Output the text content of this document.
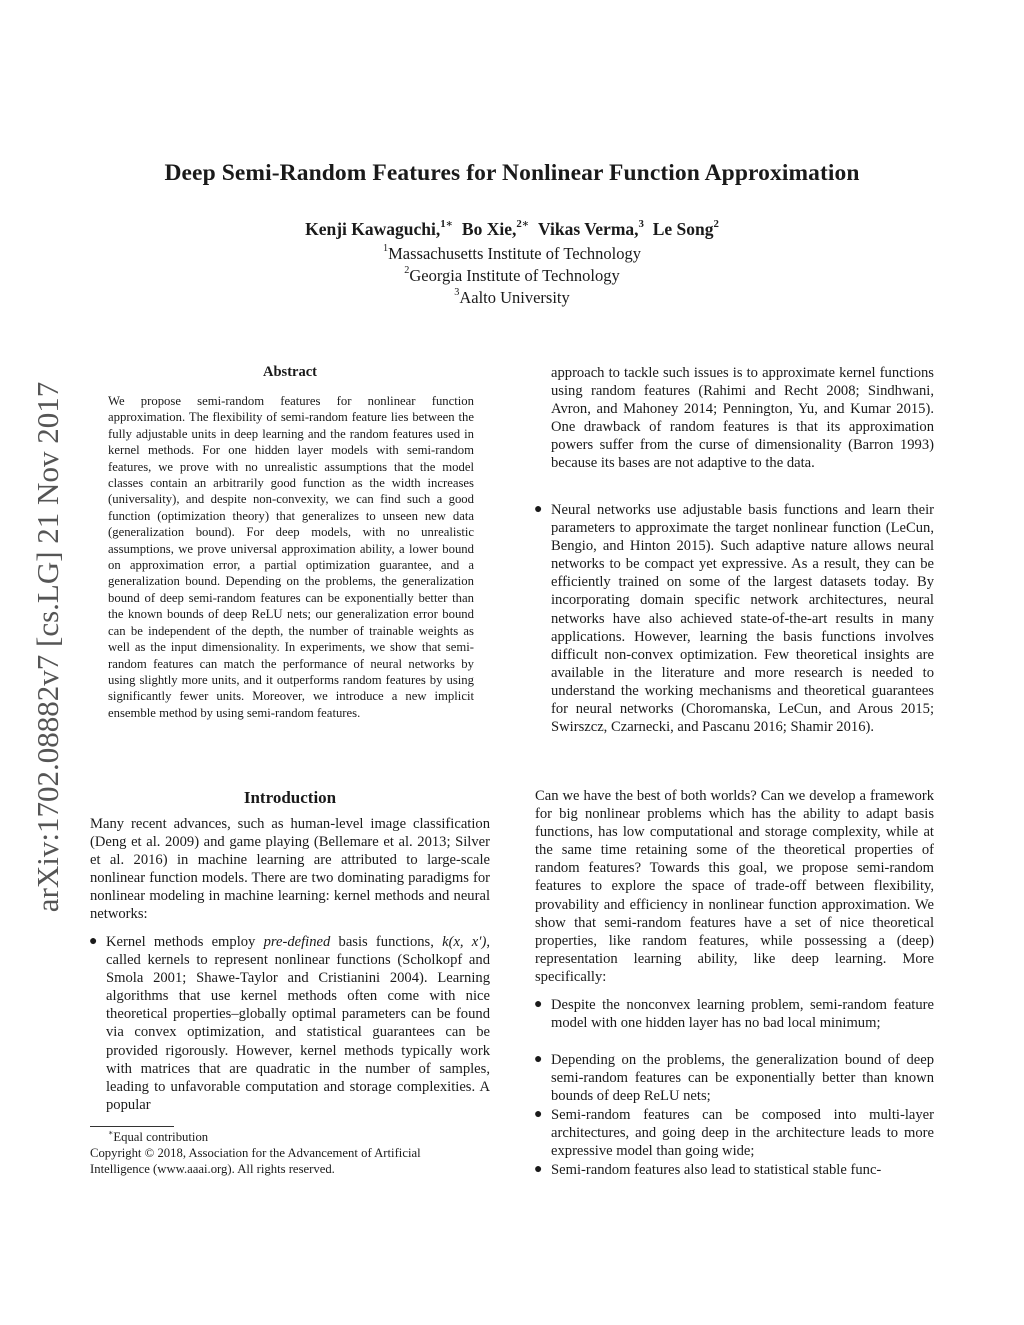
arXiv:1702.08882v7 [cs.LG] 21 Nov 2017
Deep Semi-Random Features for Nonlinear Function Approximation
Kenji Kawaguchi,$^{1∗}$ Bo Xie,$^{2∗}$ Vikas Verma,$^3$ Le Song$^2$
$^1$Massachusetts Institute of Technology
$^2$Georgia Institute of Technology
$^3$Aalto University
Abstract

We propose semi-random features for nonlinear function approximation. The flexibility of semi-random feature lies between the fully adjustable units in deep learning and the random features used in kernel methods. For one hidden layer models with semi-random features, we prove with no unrealistic assumptions that the model classes contain an arbitrarily good function as the width increases (universality), and despite non-convexity, we can find such a good function (optimization theory) that generalizes to unseen new data (generalization bound). For deep models, with no unrealistic assumptions, we prove universal approximation ability, a lower bound on approximation error, a partial optimization guarantee, and a generalization bound. Depending on the problems, the generalization bound of deep semi-random features can be exponentially better than the known bounds of deep ReLU nets; our generalization error bound can be independent of the depth, the number of trainable weights as well as the input dimensionality. In experiments, we show that semi-random features can match the performance of neural networks by using slightly more units, and it outperforms random features by using significantly fewer units. Moreover, we introduce a new implicit ensemble method by using semi-random features.

Introduction

Many recent advances, such as human-level image classification (Deng et al. 2009) and game playing (Bellemare et al. 2013; Silver et al. 2016) in machine learning are attributed to large-scale nonlinear function models. There are two dominating paradigms for nonlinear modeling in machine learning: kernel methods and neural networks:

● Kernel methods employ pre-defined basis functions, k(x, x′), called kernels to represent nonlinear functions (Scholkopf and Smola 2001; Shawe-Taylor and Cristianini 2004). Learning algorithms that use kernel methods often come with nice theoretical properties–globally optimal parameters can be found via convex optimization, and statistical guarantees can be provided rigorously. However, kernel methods typically work with matrices that are quadratic in the number of samples, leading to unfavorable computation and storage complexities. A popular

∗Equal contribution

Copyright © 2018, Association for the Advancement of Artificial
Intelligence (www.aaai.org). All rights reserved.

approach to tackle such issues is to approximate kernel functions using random features (Rahimi and Recht 2008; Sindhwani, Avron, and Mahoney 2014; Pennington, Yu, and Kumar 2015). One drawback of random features is that its approximation powers suffer from the curse of dimensionality (Barron 1993) because its bases are not adaptive to the data.

● Neural networks use adjustable basis functions and learn their parameters to approximate the target nonlinear function (LeCun, Bengio, and Hinton 2015). Such adaptive nature allows neural networks to be compact yet expressive. As a result, they can be efficiently trained on some of the largest datasets today. By incorporating domain specific network architectures, neural networks have also achieved state-of-the-art results in many applications. However, learning the basis functions involves difficult non-convex optimization. Few theoretical insights are available in the literature and more research is needed to understand the working mechanisms and theoretical guarantees for neural networks (Choromanska, LeCun, and Arous 2015; Swirszcz, Czarnecki, and Pascanu 2016; Shamir 2016).

Can we have the best of both worlds? Can we develop a framework for big nonlinear problems which has the ability to adapt basis functions, has low computational and storage complexity, while at the same time retaining some of the theoretical properties of random features? Towards this goal, we propose semi-random features to explore the space of trade-off between flexibility, provability and efficiency in nonlinear function approximation. We show that semi-random features have a set of nice theoretical properties, like random features, while possessing a (deep) representation learning ability, like deep learning. More specifically:

● Despite the nonconvex learning problem, semi-random feature model with one hidden layer has no bad local minimum;

● Depending on the problems, the generalization bound of deep semi-random features can be exponentially better than known bounds of deep ReLU nets;

● Semi-random features can be composed into multi-layer architectures, and going deep in the architecture leads to more expressive model than going wide;

● Semi-random features also lead to statistical stable func-
